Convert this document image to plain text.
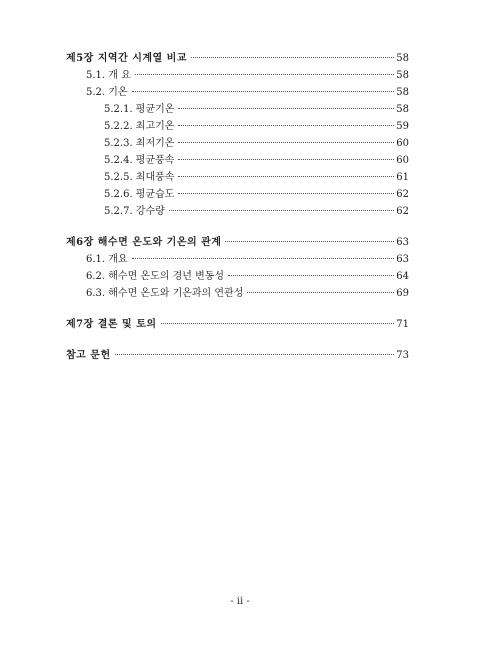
제5장 지역간 시계열 비교	58
5.1. 개 요	58
5.2. 기온	58
5.2.1. 평균기온	58
5.2.2. 최고기온	59
5.2.3. 최저기온	60
5.2.4. 평균풍속	60
5.2.5. 최대풍속	61
5.2.6. 평균습도	62
5.2.7. 강수량	62
제6장 해수면 온도와 기온의 관계	63
6.1. 개요	63
6.2. 해수면 온도의 경년 변동성	64
6.3. 해수면 온도와 기온과의 연관성	69
제7장 결론 및 토의	71
참고 문헌	73
- ii -
